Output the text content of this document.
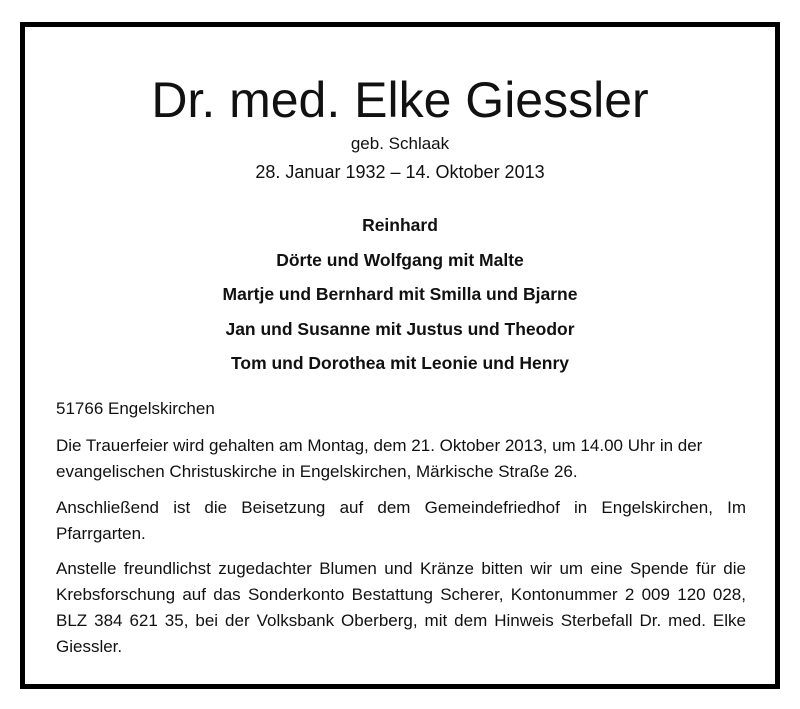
Dr. med. Elke Giessler

geb. Schlaak

28. Januar 1932 – 14. Oktober 2013

Reinhard
Dörte und Wolfgang mit Malte
Martje und Bernhard mit Smilla und Bjarne
Jan und Susanne mit Justus und Theodor
Tom und Dorothea mit Leonie und Henry

51766 Engelskirchen

Die Trauerfeier wird gehalten am Montag, dem 21. Oktober 2013, um 14.00 Uhr in der evangelischen Christuskirche in Engelskirchen, Märkische Straße 26.

Anschließend ist die Beisetzung auf dem Gemeindefriedhof in Engelskirchen, Im Pfarrgarten.

Anstelle freundlichst zugedachter Blumen und Kränze bitten wir um eine Spende für die Krebsforschung auf das Sonderkonto Bestattung Scherer, Kontonummer 2 009 120 028, BLZ 384 621 35, bei der Volksbank Oberberg, mit dem Hinweis Sterbefall Dr. med. Elke Giessler.
